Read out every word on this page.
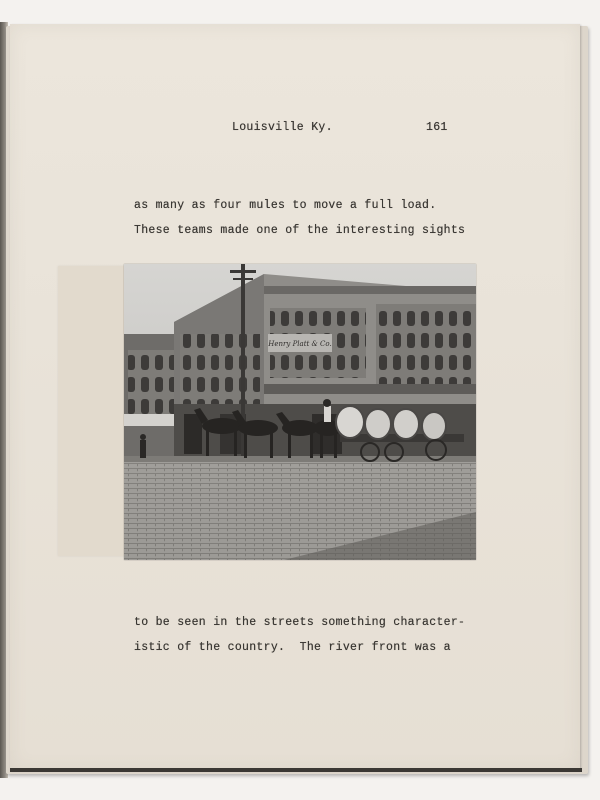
Louisville Ky.	161

as many as four mules to move a full load.

These teams made one of the interesting sights

Henry Platt & Co.

to be seen in the streets something character-

istic of the country.  The river front was a
